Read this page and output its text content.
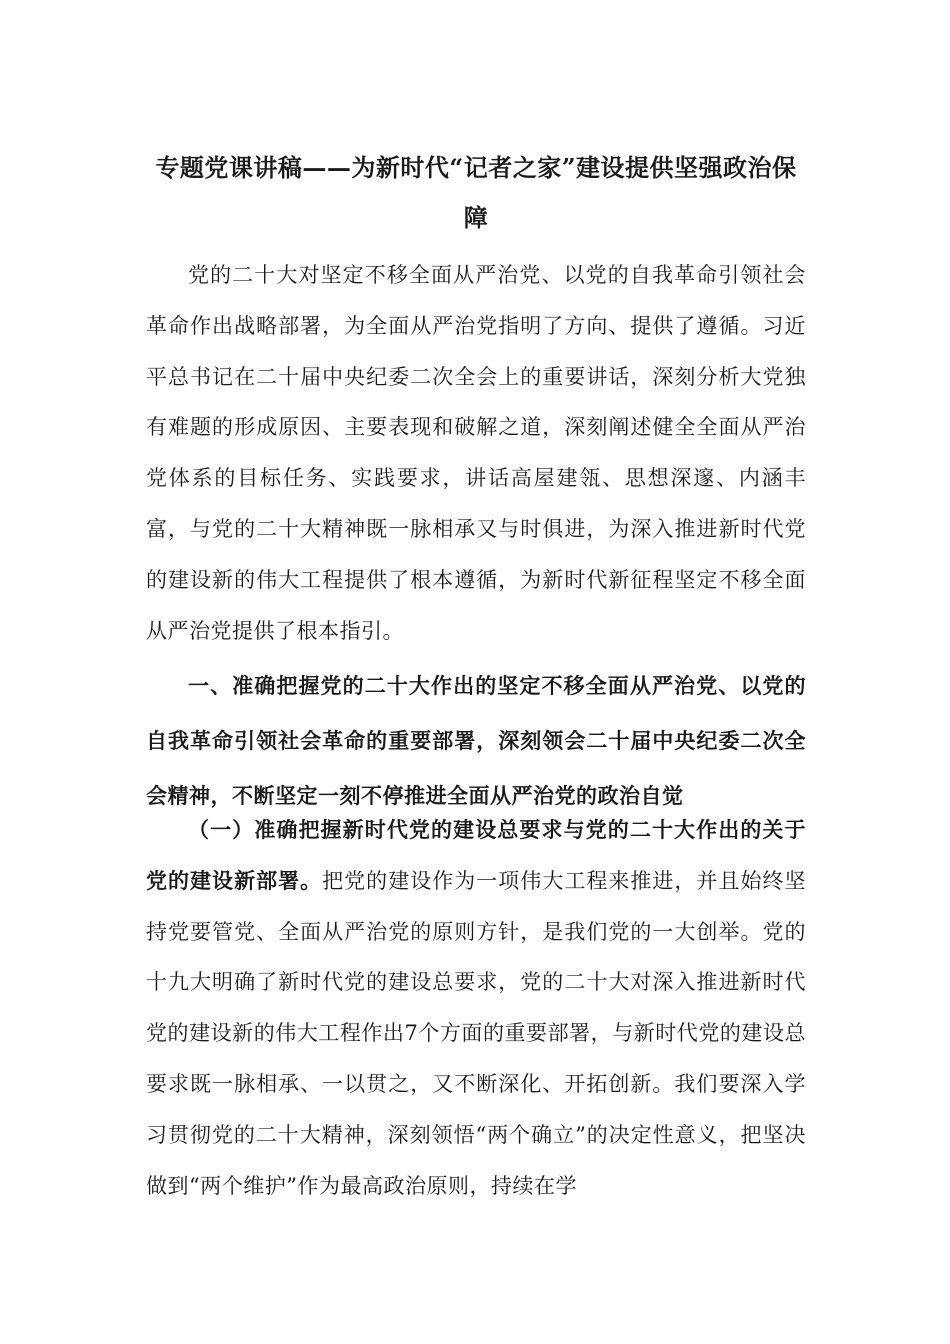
专题党课讲稿——为新时代“记者之家”建设提供坚强政治保障

党的二十大对坚定不移全面从严治党、以党的自我革命引领社会革命作出战略部署，为全面从严治党指明了方向、提供了遵循。习近平总书记在二十届中央纪委二次全会上的重要讲话，深刻分析大党独有难题的形成原因、主要表现和破解之道，深刻阐述健全全面从严治党体系的目标任务、实践要求，讲话高屋建瓴、思想深邃、内涵丰富，与党的二十大精神既一脉相承又与时俱进，为深入推进新时代党的建设新的伟大工程提供了根本遵循，为新时代新征程坚定不移全面从严治党提供了根本指引。

一、准确把握党的二十大作出的坚定不移全面从严治党、以党的自我革命引领社会革命的重要部署，深刻领会二十届中央纪委二次全会精神，不断坚定一刻不停推进全面从严治党的政治自觉

（一）准确把握新时代党的建设总要求与党的二十大作出的关于党的建设新部署。把党的建设作为一项伟大工程来推进，并且始终坚持党要管党、全面从严治党的原则方针，是我们党的一大创举。党的十九大明确了新时代党的建设总要求，党的二十大对深入推进新时代党的建设新的伟大工程作出7个方面的重要部署，与新时代党的建设总要求既一脉相承、一以贯之，又不断深化、开拓创新。我们要深入学习贯彻党的二十大精神，深刻领悟“两个确立”的决定性意义，把坚决做到“两个维护”作为最高政治原则，持续在学
